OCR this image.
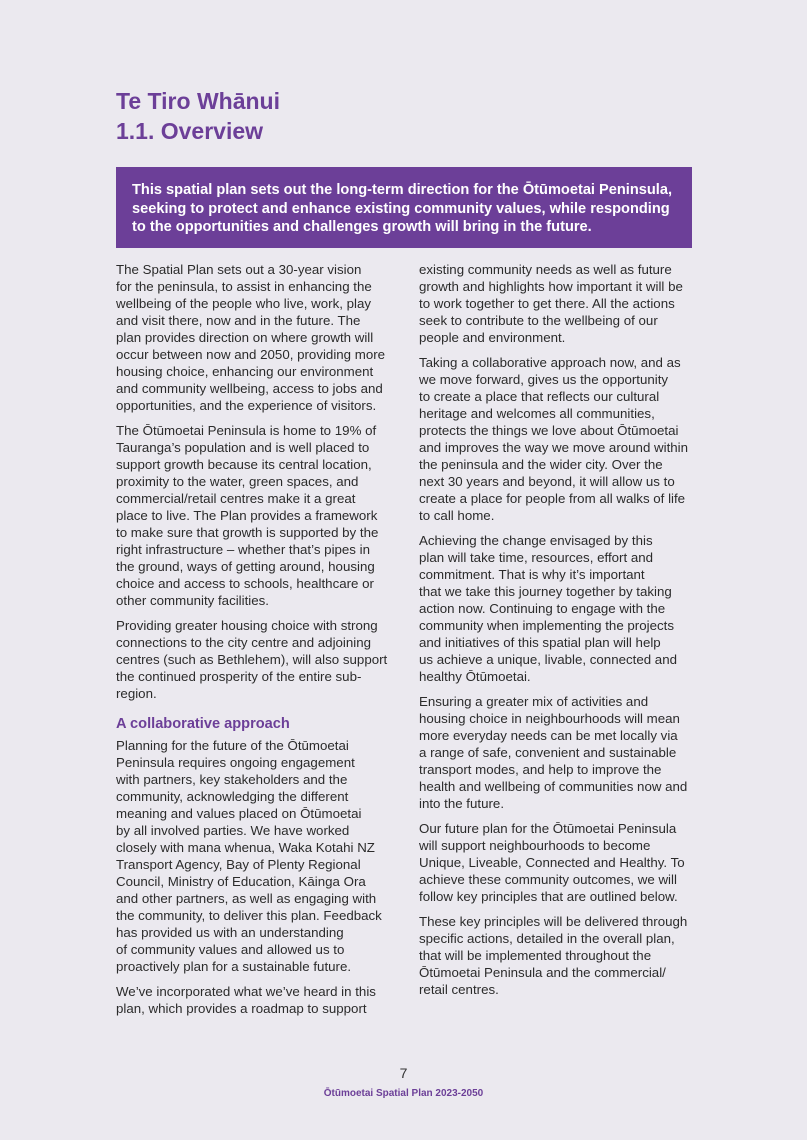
Te Tiro Whānui
1.1. Overview
This spatial plan sets out the long-term direction for the Ōtūmoetai Peninsula,
seeking to protect and enhance existing community values, while responding
to the opportunities and challenges growth will bring in the future.

The Spatial Plan sets out a 30-year vision
for the peninsula, to assist in enhancing the
wellbeing of the people who live, work, play
and visit there, now and in the future. The
plan provides direction on where growth will
occur between now and 2050, providing more
housing choice, enhancing our environment
and community wellbeing, access to jobs and
opportunities, and the experience of visitors.

The Ōtūmoetai Peninsula is home to 19% of
Tauranga’s population and is well placed to
support growth because its central location,
proximity to the water, green spaces, and
commercial/retail centres make it a great
place to live. The Plan provides a framework
to make sure that growth is supported by the
right infrastructure – whether that’s pipes in
the ground, ways of getting around, housing
choice and access to schools, healthcare or
other community facilities.

Providing greater housing choice with strong
connections to the city centre and adjoining
centres (such as Bethlehem), will also support
the continued prosperity of the entire sub-
region.

A collaborative approach

Planning for the future of the Ōtūmoetai
Peninsula requires ongoing engagement
with partners, key stakeholders and the
community, acknowledging the different
meaning and values placed on Ōtūmoetai
by all involved parties. We have worked
closely with mana whenua, Waka Kotahi NZ
Transport Agency, Bay of Plenty Regional
Council, Ministry of Education, Kāinga Ora
and other partners, as well as engaging with
the community, to deliver this plan. Feedback
has provided us with an understanding
of community values and allowed us to
proactively plan for a sustainable future.

We’ve incorporated what we’ve heard in this
plan, which provides a roadmap to support

existing community needs as well as future
growth and highlights how important it will be
to work together to get there. All the actions
seek to contribute to the wellbeing of our
people and environment.

Taking a collaborative approach now, and as
we move forward, gives us the opportunity
to create a place that reflects our cultural
heritage and welcomes all communities,
protects the things we love about Ōtūmoetai
and improves the way we move around within
the peninsula and the wider city. Over the
next 30 years and beyond, it will allow us to
create a place for people from all walks of life
to call home.

Achieving the change envisaged by this
plan will take time, resources, effort and
commitment. That is why it’s important
that we take this journey together by taking
action now. Continuing to engage with the
community when implementing the projects
and initiatives of this spatial plan will help
us achieve a unique, livable, connected and
healthy Ōtūmoetai.

Ensuring a greater mix of activities and
housing choice in neighbourhoods will mean
more everyday needs can be met locally via
a range of safe, convenient and sustainable
transport modes, and help to improve the
health and wellbeing of communities now and
into the future.

Our future plan for the Ōtūmoetai Peninsula
will support neighbourhoods to become
Unique, Liveable, Connected and Healthy. To
achieve these community outcomes, we will
follow key principles that are outlined below.

These key principles will be delivered through
specific actions, detailed in the overall plan,
that will be implemented throughout the
Ōtūmoetai Peninsula and the commercial/
retail centres.

7
Ōtūmoetai Spatial Plan 2023-2050
